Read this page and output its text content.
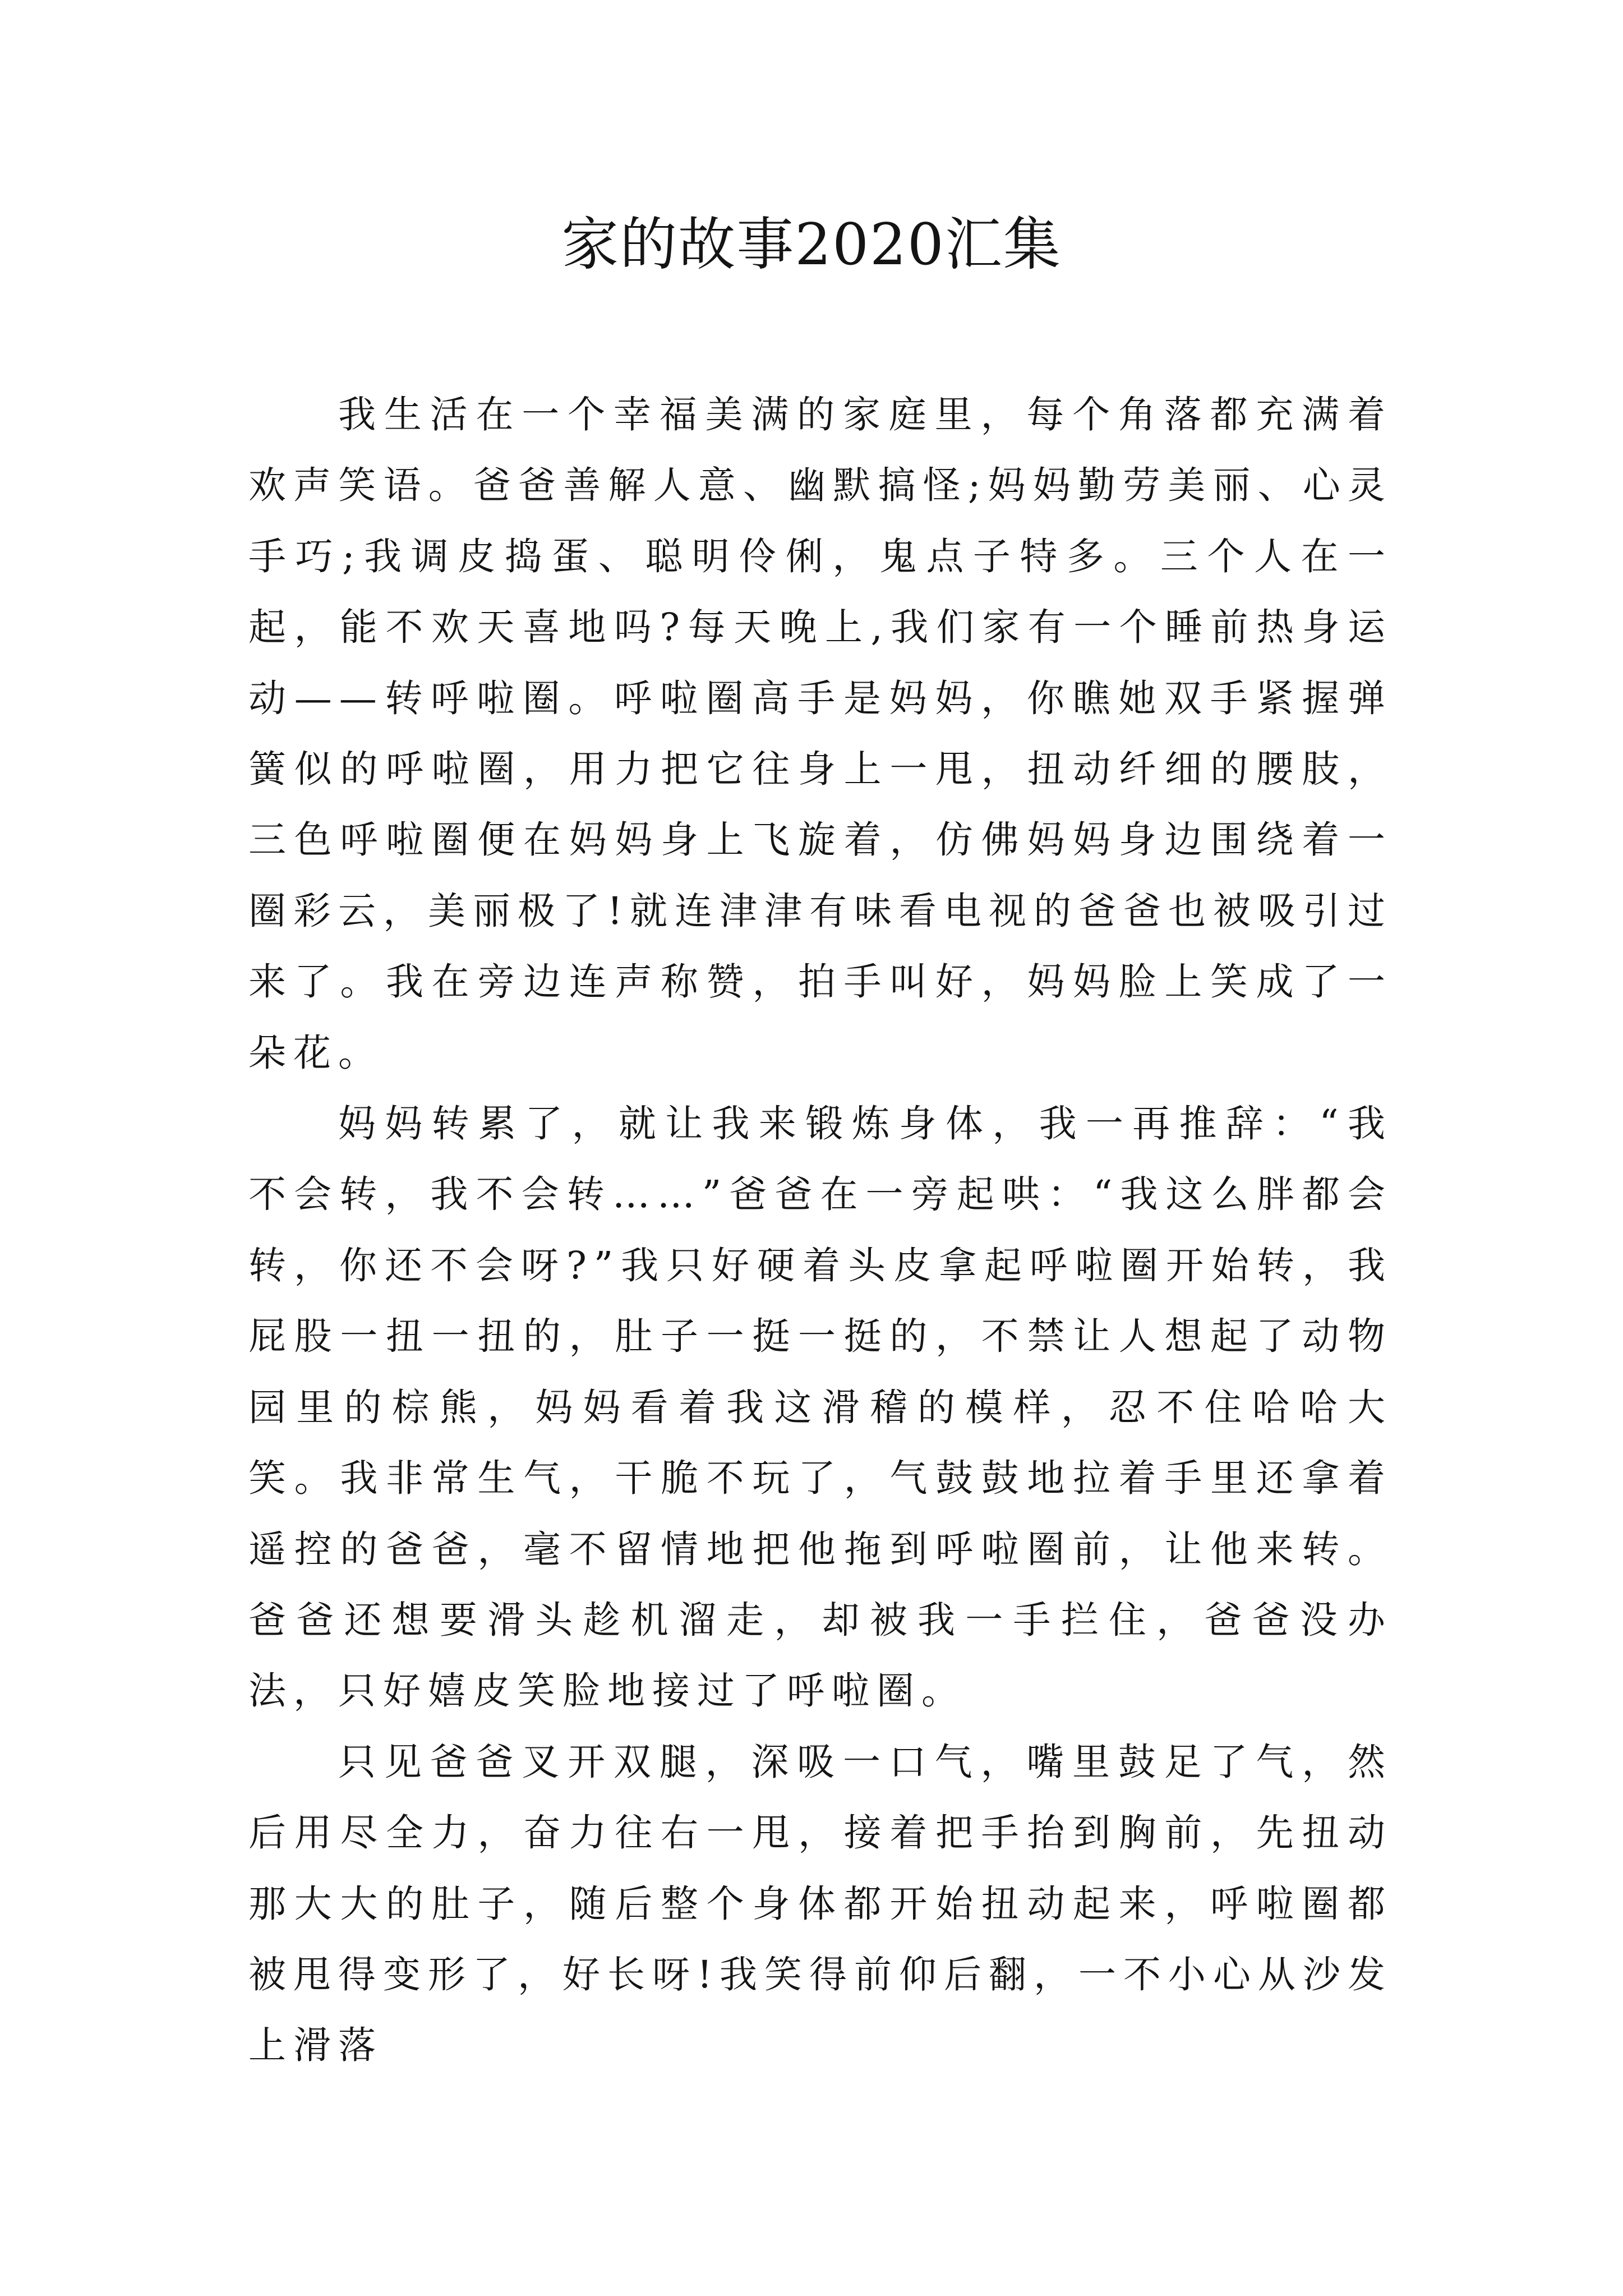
家的故事2020汇集

我生活在一个幸福美满的家庭里，每个角落都充满着欢声笑语。爸爸善解人意、幽默搞怪;妈妈勤劳美丽、心灵手巧;我调皮捣蛋、聪明伶俐，鬼点子特多。三个人在一起，能不欢天喜地吗?每天晚上,我们家有一个睡前热身运动——转呼啦圈。呼啦圈高手是妈妈，你瞧她双手紧握弹簧似的呼啦圈，用力把它往身上一甩，扭动纤细的腰肢，三色呼啦圈便在妈妈身上飞旋着，仿佛妈妈身边围绕着一圈彩云，美丽极了!就连津津有味看电视的爸爸也被吸引过来了。我在旁边连声称赞，拍手叫好，妈妈脸上笑成了一朵花。

妈妈转累了，就让我来锻炼身体，我一再推辞：“我不会转，我不会转……”爸爸在一旁起哄：“我这么胖都会转，你还不会呀?”我只好硬着头皮拿起呼啦圈开始转，我屁股一扭一扭的，肚子一挺一挺的，不禁让人想起了动物园里的棕熊，妈妈看着我这滑稽的模样，忍不住哈哈大笑。我非常生气，干脆不玩了，气鼓鼓地拉着手里还拿着遥控的爸爸，毫不留情地把他拖到呼啦圈前，让他来转。爸爸还想要滑头趁机溜走，却被我一手拦住，爸爸没办法，只好嬉皮笑脸地接过了呼啦圈。

只见爸爸叉开双腿，深吸一口气，嘴里鼓足了气，然后用尽全力，奋力往右一甩，接着把手抬到胸前，先扭动那大大的肚子，随后整个身体都开始扭动起来，呼啦圈都被甩得变形了，好长呀!我笑得前仰后翻，一不小心从沙发上滑落
